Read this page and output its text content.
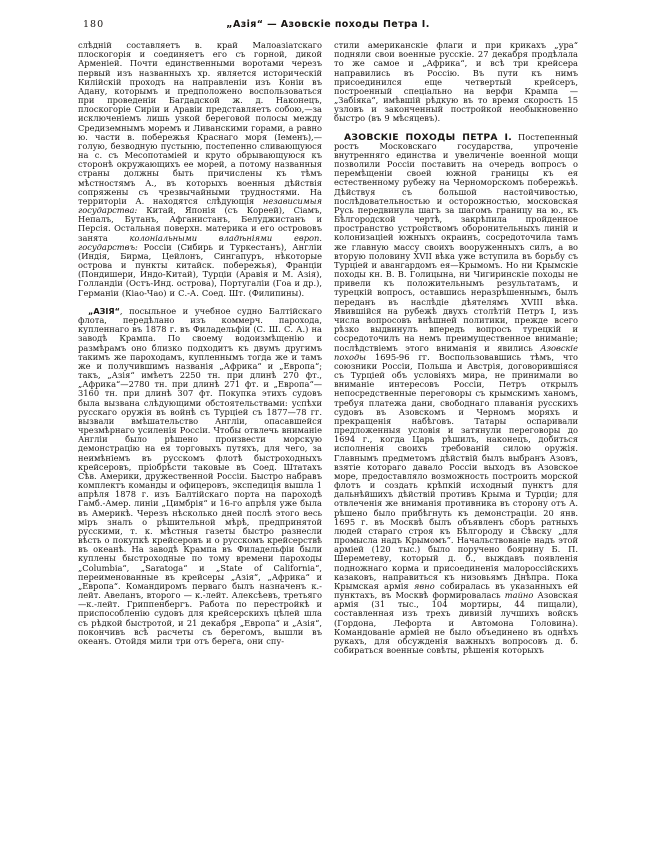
180	„Азія“ — Азовскіе походы Петра I.

слѣдній составляетъ в. край Малоазіатскаго плоскогорія и соединяетъ его съ горной, дикой Арменіей. Почти единственными воротами черезъ первый изъ названныхъ хр. является историческій Килійскій проходъ на направленіи изъ Коніи въ Адану, которымъ и предположено воспользоваться при проведеніи Багдадской ж. д. Наконецъ, плоскогоріе Сиріи и Аравіи представляетъ собою,—за исключеніемъ лишь узкой береговой полосы между Средиземнымъ моремъ и Ливанскими горами, а равно ю. части в. побережья Краснаго моря (Іеменъ),—голую, безводную пустыню, постепенно сливающуюся на с. съ Месопотаміей и круто обрывающуюся къ сторонѣ окружающихъ ее морей, а потому названныя страны должны быть причислены къ тѣмъ мѣстностямъ А., въ которыхъ военныя дѣйствія сопряжены съ чрезвычайными трудностями. На территоріи А. находятся слѣдующія независимыя государства: Китай, Японія (съ Кореей), Сіамъ, Непалъ, Бутанъ, Афганистанъ, Белуджистанъ и Персія. Остальная поверхн. материка и его острововъ занята колоніальными владѣніями европ. государствъ: Россіи (Сибирь и Туркестанъ), Англіи (Индія, Бирма, Цейлонъ, Сингапуръ, нѣкоторые острова и пункты китайск. побережья), Франціи (Пондишери, Индо-Китай), Турціи (Аравія и М. Азія), Голландіи (Остъ-Инд. острова), Португаліи (Гоа и др.), Германіи (Кіао-Чао) и С.-А. Соед. Шт. (Филипины).

„АЗІЯ“, посыльное и учебное судно Балтійскаго флота, передѣлано изъ коммерч. парохода, купленнаго въ 1878 г. въ Филадельфіи (С. Ш. С. А.) на заводѣ Крампа. По своему водоизмѣщенію и размѣрамъ оно близко подходитъ къ двумъ другимъ такимъ же пароходамъ, купленнымъ тогда же и тамъ же и получившимъ названія „Африка“ и „Европа“; такъ, „Азія“ имѣетъ 2250 тн. при длинѣ 270 фт., „Африка“—2780 тн. при длинѣ 271 фт. и „Европа“—3160 тн. при длинѣ 307 фт. Покупка этихъ судовъ была вызвана слѣдующими обстоятельствами: успѣхи русскаго оружія въ войнѣ съ Турціей съ 1877—78 гг. вызвали вмѣшательство Англіи, опасавшейся чрезмѣрнаго усиленія Россіи. Чтобы отвлечь вниманіе Англіи было рѣшено произвести морскую демонстрацію на ея торговыхъ путяхъ, для чего, за неимѣніемъ въ русскомъ флотѣ быстроходныхъ крейсеровъ, пріобрѣсти таковые въ Соед. Штатахъ Сѣв. Америки, дружественной Россіи. Быстро набравъ комплектъ команды и офицеровъ, экспедиція вышла 1 апрѣля 1878 г. изъ Балтійскаго порта на пароходѣ Гамб.-Амер. линіи „Цимбрія“ и 16-го апрѣля уже была въ Америкѣ. Черезъ нѣсколько дней послѣ этого весь міръ зналъ о рѣшительной мѣрѣ, предпринятой русскими, т. к. мѣстныя газеты быстро разнесли вѣсть о покупкѣ крейсеровъ и о русскомъ крейсерствѣ въ океанѣ. На заводѣ Крампа въ Филадельфіи были куплены быстроходные по тому времени пароходы „Columbia“, „Saratoga“ и „State of California“, переименованные въ крейсеры „Азія“, „Африка“ и „Европа“. Командиромъ перваго былъ назначенъ к.-лейт. Авеланъ, второго — к.-лейт. Алексѣевъ, третьяго—к.-лейт. Гриппенбергъ. Работа по перестройкѣ и приспособленію судовъ для крейсерскихъ цѣлей шла съ рѣдкой быстротой, и 21 декабря „Европа“ и „Азія“, покончивъ всѣ расчеты съ берегомъ, вышли въ океанъ. Отойдя мили три отъ берега, они спу-

стили американскіе флаги и при крикахъ „ура“ подняли свои военные русскіе. 27 декабря продѣлала то же самое и „Африка“, и всѣ три крейсера направились въ Россію. Въ пути къ нимъ присоединился еще четвертый крейсеръ, построенный спеціально на верфи Крампа — „Забіяка“, имѣвшій рѣдкую въ то время скорость 15 узловъ и законченный постройкой необыкновенно быстро (въ 9 мѣсяцевъ).

АЗОВСКІЕ ПОХОДЫ ПЕТРА I. Постепенный ростъ Московскаго государства, упроченіе внутренняго единства и увеличеніе военной мощи позволили Россіи поставить на очередь вопросъ о перемѣщеніи своей южной границы къ ея естественному рубежу на Черноморскомъ побережьѣ. Дѣйствуя съ большой настойчивостью, послѣдовательностью и осторожностью, московская Русь передвинула шагъ за шагомъ границу на ю., къ Бѣлгородской чертѣ, закрѣпила пройденное пространство устройствомъ оборонительныхъ линій и колонизаціей южныхъ окраинъ, сосредоточила тамъ же главную массу своихъ вооруженныхъ силъ, а во вторую половину XVII вѣка уже вступила въ борьбу съ Турціей и авангардомъ ея—Крымомъ. Но ни Крымскіе походы кн. В. В. Голицына, ни Чигиринскіе походы не привели къ положительнымъ результатамъ, и турецкій вопросъ, оставшись неразрѣшеннымъ, былъ переданъ въ наслѣдіе дѣятелямъ XVIII вѣка. Явившійся на рубежѣ двухъ столѣтій Петръ I, изъ числа вопросовъ внѣшней политики, прежде всего рѣзко выдвинулъ впередъ вопросъ турецкій и сосредоточилъ на немъ преимущественное вниманіе; послѣдствіемъ этого вниманія и явились Азовскіе походы 1695-96 гг. Воспользовавшись тѣмъ, что союзники Россіи, Польша и Австрія, договорившіяся съ Турціей объ условіяхъ мира, не принимали во вниманіе интересовъ Россіи, Петръ открылъ непосредственные переговоры съ крымскимъ ханомъ, требуя платежа дани, свободнаго плаванія русскихъ судовъ въ Азовскомъ и Черномъ моряхъ и прекращенія набѣговъ. Татары оспаривали предложенныя условія и затянули переговоры до 1694 г., когда Царь рѣшилъ, наконецъ, добиться исполненія своихъ требованій силою оружія. Главнымъ предметомъ дѣйствій былъ выбранъ Азовъ, взятіе котораго давало Россіи выходъ въ Азовское море, предоставляло возможность построить морской флотъ и создать крѣпкій исходный пунктъ для дальнѣйшихъ дѣйствій противъ Крыма и Турціи; для отвлеченія же вниманія противника въ сторону отъ А. рѣшено было прибѣгнуть къ демонстраціи. 20 янв. 1695 г. въ Москвѣ былъ объявленъ сборъ ратныхъ людей стараго строя къ Бѣлгороду и Сѣвску „для промысла надъ Крымомъ“. Начальствованіе надъ этой арміей (120 тыс.) было поручено боярину Б. П. Шереметеву, который д. б., выждавъ появленія подножнаго корма и присоединенія малороссійскихъ казаковъ, направиться къ низовьямъ Днѣпра. Пока Крымская армія явно собиралась въ указанныхъ ей пунктахъ, въ Москвѣ формировалась тайно Азовская армія (31 тыс., 104 мортиры, 44 пищали), составленная изъ трехъ дивизій лучшихъ войскъ (Гордона, Лефорта и Автомона Головина). Командованіе арміей не было объединено въ однѣхъ рукахъ, для обсужденія важныхъ вопросовъ д. б. собираться военные совѣты, рѣшенія которыхъ
